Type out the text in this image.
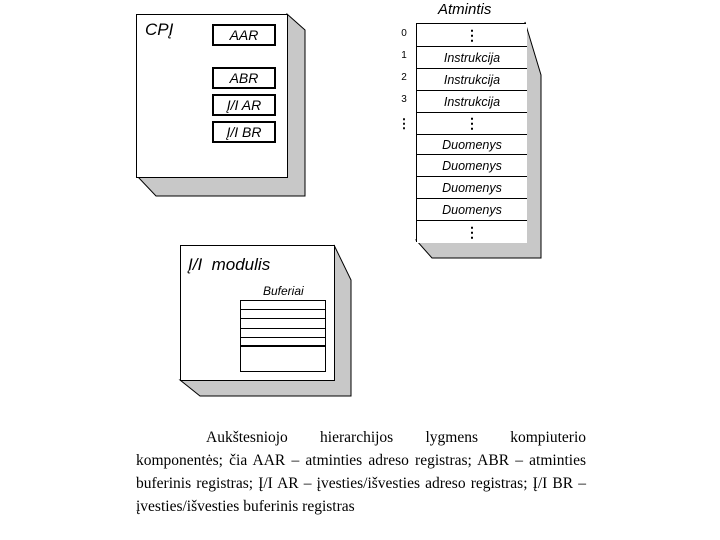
CPĮ	AAR
ABR
Į/I AR
Į/I BR
Atmintis
⋮
Instrukcija
Instrukcija
Instrukcija
⋮
Duomenys
Duomenys
Duomenys
Duomenys
⋮
0
1
2
3
⋮
Į/I  modulis
Buferiai

Aukštesniojo hierarchijos lygmens kompiuterio komponentės; čia AAR – atminties adreso registras; ABR – atminties buferinis registras; Į/I AR – įvesties/išvesties adreso registras; Į/I BR – įvesties/išvesties buferinis registras
